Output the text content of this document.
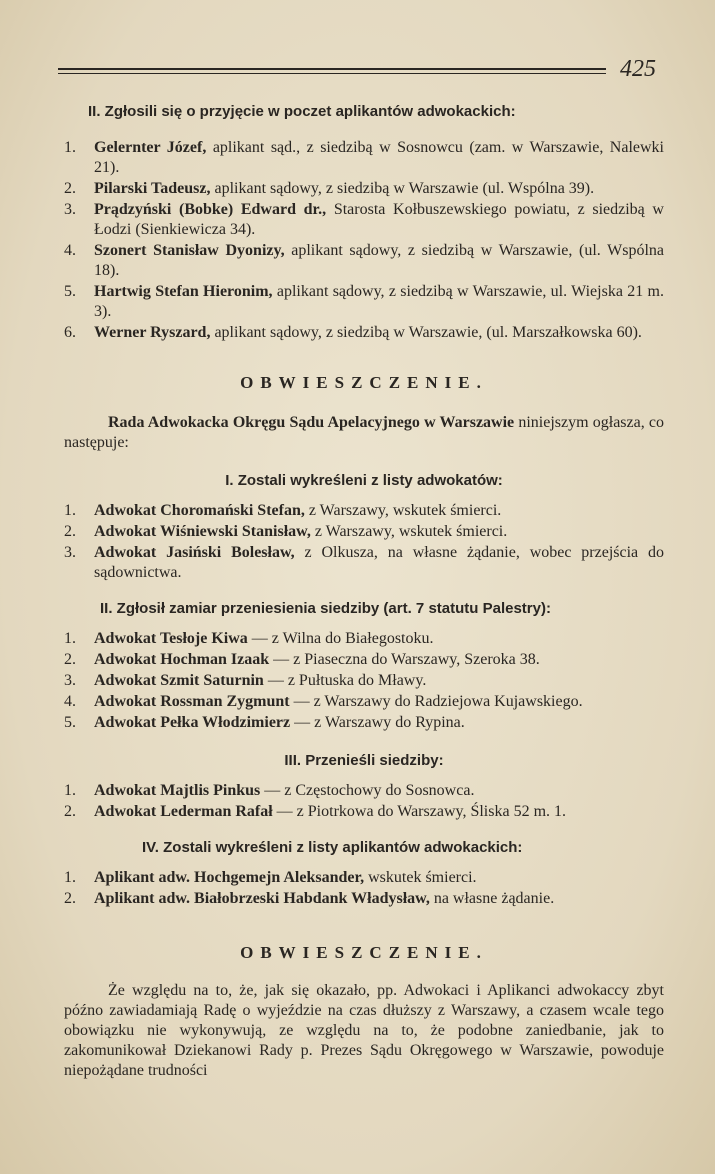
425
II. Zgłosili się o przyjęcie w poczet aplikantów adwokackich:
1.	Gelernter Józef, aplikant sąd., z siedzibą w Sosnowcu (zam. w Warszawie, Nalewki 21).
2.	Pilarski Tadeusz, aplikant sądowy, z siedzibą w Warszawie (ul. Wspólna 39).
3.	Prądzyński (Bobke) Edward dr., Starosta Kołbuszewskiego powiatu, z siedzibą w Łodzi (Sienkiewicza 34).
4.	Szonert Stanisław Dyonizy, aplikant sądowy, z siedzibą w Warszawie, (ul. Wspólna 18).
5.	Hartwig Stefan Hieronim, aplikant sądowy, z siedzibą w Warszawie, ul. Wiejska 21 m. 3).
6.	Werner Ryszard, aplikant sądowy, z siedzibą w Warszawie, (ul. Marszałkowska 60).
OBWIESZCZENIE.
Rada Adwokacka Okręgu Sądu Apelacyjnego w Warszawie niniejszym ogłasza, co następuje:
I. Zostali wykreśleni z listy adwokatów:
1.	Adwokat Choromański Stefan, z Warszawy, wskutek śmierci.
2.	Adwokat Wiśniewski Stanisław, z Warszawy, wskutek śmierci.
3.	Adwokat Jasiński Bolesław, z Olkusza, na własne żądanie, wobec przejścia do sądownictwa.
II. Zgłosił zamiar przeniesienia siedziby (art. 7 statutu Palestry):
1.	Adwokat Tesłoje Kiwa — z Wilna do Białegostoku.
2.	Adwokat Hochman Izaak — z Piaseczna do Warszawy, Szeroka 38.
3.	Adwokat Szmit Saturnin — z Pułtuska do Mławy.
4.	Adwokat Rossman Zygmunt — z Warszawy do Radziejowa Kujawskiego.
5.	Adwokat Pełka Włodzimierz — z Warszawy do Rypina.
III. Przenieśli siedziby:
1.	Adwokat Majtlis Pinkus — z Częstochowy do Sosnowca.
2.	Adwokat Lederman Rafał — z Piotrkowa do Warszawy, Śliska 52 m. 1.
IV. Zostali wykreśleni z listy aplikantów adwokackich:
1.	Aplikant adw. Hochgemejn Aleksander, wskutek śmierci.
2.	Aplikant adw. Białobrzeski Habdank Władysław, na własne żądanie.
OBWIESZCZENIE.
Że względu na to, że, jak się okazało, pp. Adwokaci i Aplikanci adwokaccy zbyt późno zawiadamiają Radę o wyjeździe na czas dłuższy z Warszawy, a czasem wcale tego obowiązku nie wykonywują, ze względu na to, że podobne zaniedbanie, jak to zakomunikował Dziekanowi Rady p. Prezes Sądu Okręgowego w Warszawie, powoduje niepożądane trudności
